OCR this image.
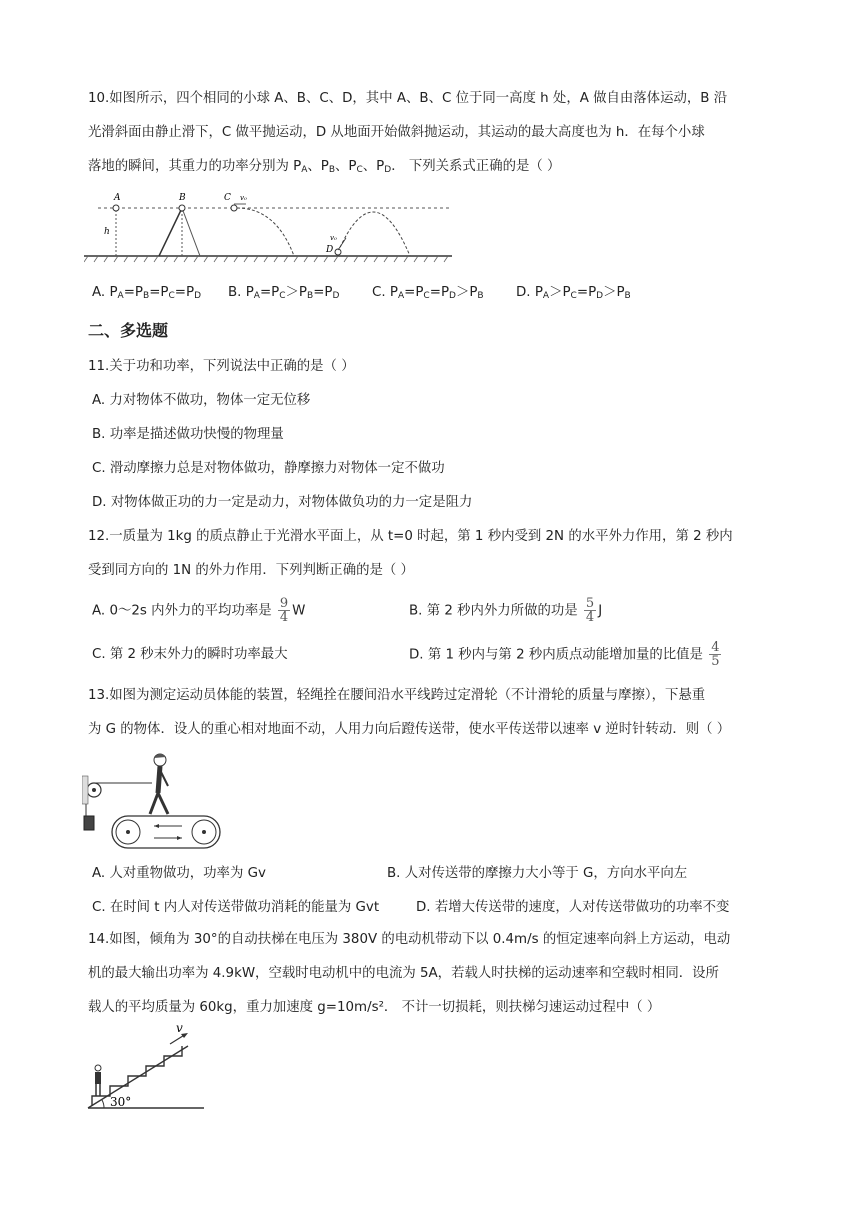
10.如图所示，四个相同的小球 A、B、C、D，其中 A、B、C 位于同一高度 h 处，A 做自由落体运动，B 沿
光滑斜面由静止滑下，C 做平抛运动，D 从地面开始做斜抛运动，其运动的最大高度也为 h．在每个小球
落地的瞬间，其重力的功率分别为 $P_A$、$P_B$、$P_C$、$P_D$． 下列关系式正确的是（ ）
A
h
B	C v₀
D
v₀
A. $P_A=P_B=P_C=P_D$ B. $P_A=P_C>P_B=P_D$ C. $P_A=P_C=P_D>P_B$ D. $P_A>P_C=P_D>P_B$
二、多选题
11.关于功和功率，下列说法中正确的是（ ）
A. 力对物体不做功，物体一定无位移
B. 功率是描述做功快慢的物理量
C. 滑动摩擦力总是对物体做功，静摩擦力对物体一定不做功
D. 对物体做正功的力一定是动力，对物体做负功的力一定是阻力
12.一质量为 1kg 的质点静止于光滑水平面上，从 t=0 时起，第 1 秒内受到 2N 的水平外力作用，第 2 秒内
受到同方向的 1N 的外力作用．下列判断正确的是（ ）
A. 0～2s 内外力的平均功率是 $\frac{9}{4}$ W	B. 第 2 秒内外力所做的功是 $\frac{5}{4}$ J
C. 第 2 秒末外力的瞬时功率最大	D. 第 1 秒内与第 2 秒内质点动能增加量的比值是 $\frac{4}{5}$
13.如图为测定运动员体能的装置，轻绳拴在腰间沿水平线跨过定滑轮（不计滑轮的质量与摩擦），下悬重
为 G 的物体．设人的重心相对地面不动，人用力向后蹬传送带，使水平传送带以速率 v 逆时针转动．则（ ）
A. 人对重物做功，功率为 Gv	B. 人对传送带的摩擦力大小等于 G，方向水平向左
C. 在时间 t 内人对传送带做功消耗的能量为 Gvt	D. 若增大传送带的速度，人对传送带做功的功率不变
14.如图，倾角为 30°的自动扶梯在电压为 380V 的电动机带动下以 0.4m/s 的恒定速率向斜上方运动，电动
机的最大输出功率为 4.9kW，空载时电动机中的电流为 5A，若载人时扶梯的运动速率和空载时相同．设所
载人的平均质量为 60kg，重力加速度 g=10m/s²． 不计一切损耗，则扶梯匀速运动过程中（ ）
v
30°
